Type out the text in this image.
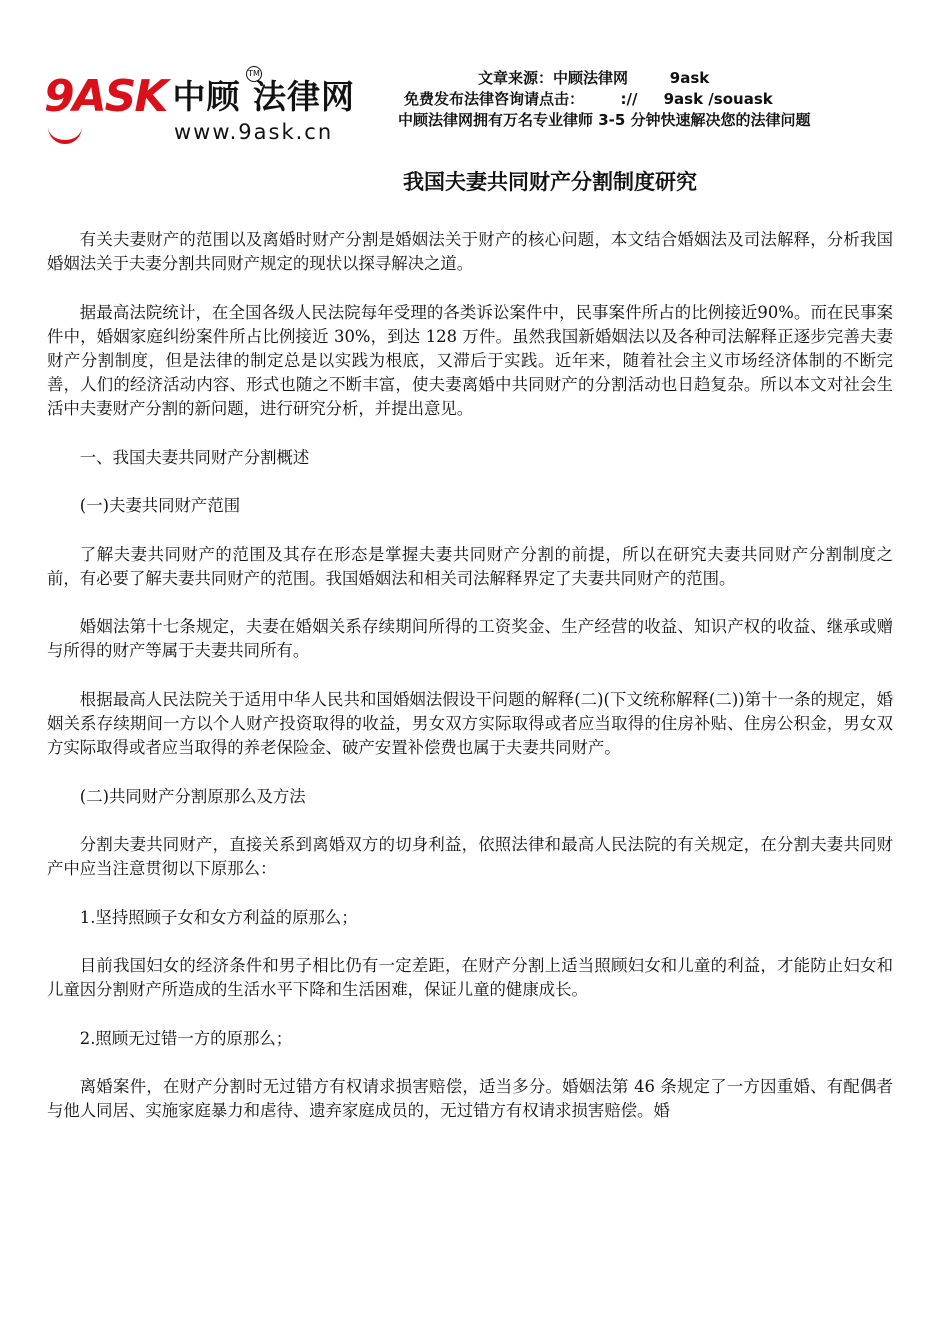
9ASK 中顾 法律网
TM
www.9ask.cn
文章来源：中顾法律网        9ask
免费发布法律咨询请点击：       ://     9ask /souask
中顾法律网拥有万名专业律师 3-5 分钟快速解决您的法律问题
我国夫妻共同财产分割制度研究

有关夫妻财产的范围以及离婚时财产分割是婚姻法关于财产的核心问题，本文结合婚姻法及司法解释，分析我国婚姻法关于夫妻分割共同财产规定的现状以探寻解决之道。

据最高法院统计，在全国各级人民法院每年受理的各类诉讼案件中，民事案件所占的比例接近90%。而在民事案件中，婚姻家庭纠纷案件所占比例接近 30%，到达 128 万件。虽然我国新婚姻法以及各种司法解释正逐步完善夫妻财产分割制度，但是法律的制定总是以实践为根底，又滞后于实践。近年来，随着社会主义市场经济体制的不断完善，人们的经济活动内容、形式也随之不断丰富，使夫妻离婚中共同财产的分割活动也日趋复杂。所以本文对社会生活中夫妻财产分割的新问题，进行研究分析，并提出意见。

一、我国夫妻共同财产分割概述

(一)夫妻共同财产范围

了解夫妻共同财产的范围及其存在形态是掌握夫妻共同财产分割的前提，所以在研究夫妻共同财产分割制度之前，有必要了解夫妻共同财产的范围。我国婚姻法和相关司法解释界定了夫妻共同财产的范围。

婚姻法第十七条规定，夫妻在婚姻关系存续期间所得的工资奖金、生产经营的收益、知识产权的收益、继承或赠与所得的财产等属于夫妻共同所有。

根据最高人民法院关于适用中华人民共和国婚姻法假设干问题的解释(二)(下文统称解释(二))第十一条的规定，婚姻关系存续期间一方以个人财产投资取得的收益，男女双方实际取得或者应当取得的住房补贴、住房公积金，男女双方实际取得或者应当取得的养老保险金、破产安置补偿费也属于夫妻共同财产。

(二)共同财产分割原那么及方法

分割夫妻共同财产，直接关系到离婚双方的切身利益，依照法律和最高人民法院的有关规定，在分割夫妻共同财产中应当注意贯彻以下原那么：

1.坚持照顾子女和女方利益的原那么；

目前我国妇女的经济条件和男子相比仍有一定差距，在财产分割上适当照顾妇女和儿童的利益，才能防止妇女和儿童因分割财产所造成的生活水平下降和生活困难，保证儿童的健康成长。

2.照顾无过错一方的原那么；

离婚案件，在财产分割时无过错方有权请求损害赔偿，适当多分。婚姻法第 46 条规定了一方因重婚、有配偶者与他人同居、实施家庭暴力和虐待、遗弃家庭成员的，无过错方有权请求损害赔偿。婚
